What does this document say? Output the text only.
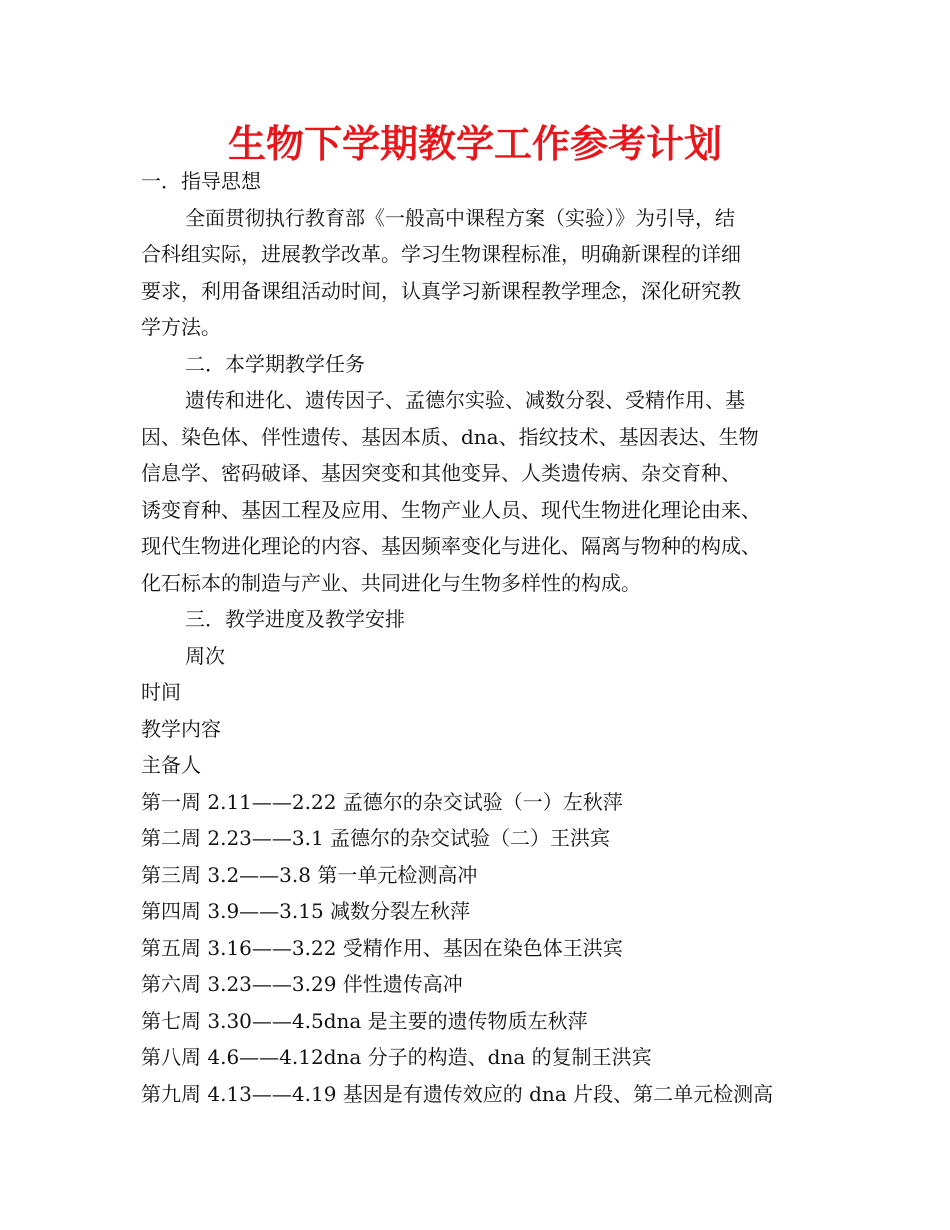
生物下学期教学工作参考计划

一．指导思想

全面贯彻执行教育部《一般高中课程方案（实验）》为引导，结

合科组实际，进展教学改革。学习生物课程标准，明确新课程的详细

要求，利用备课组活动时间，认真学习新课程教学理念，深化研究教

学方法。

二．本学期教学任务

遗传和进化、遗传因子、孟德尔实验、减数分裂、受精作用、基

因、染色体、伴性遗传、基因本质、dna、指纹技术、基因表达、生物

信息学、密码破译、基因突变和其他变异、人类遗传病、杂交育种、

诱变育种、基因工程及应用、生物产业人员、现代生物进化理论由来、

现代生物进化理论的内容、基因频率变化与进化、隔离与物种的构成、

化石标本的制造与产业、共同进化与生物多样性的构成。

三．教学进度及教学安排

周次

时间

教学内容

主备人

第一周 2.11——2.22 孟德尔的杂交试验（一）左秋萍

第二周 2.23——3.1 孟德尔的杂交试验（二）王洪宾

第三周 3.2——3.8 第一单元检测高冲

第四周 3.9——3.15 减数分裂左秋萍

第五周 3.16——3.22 受精作用、基因在染色体王洪宾

第六周 3.23——3.29 伴性遗传高冲

第七周 3.30——4.5dna 是主要的遗传物质左秋萍

第八周 4.6——4.12dna 分子的构造、dna 的复制王洪宾

第九周 4.13——4.19 基因是有遗传效应的 dna 片段、第二单元检测高
